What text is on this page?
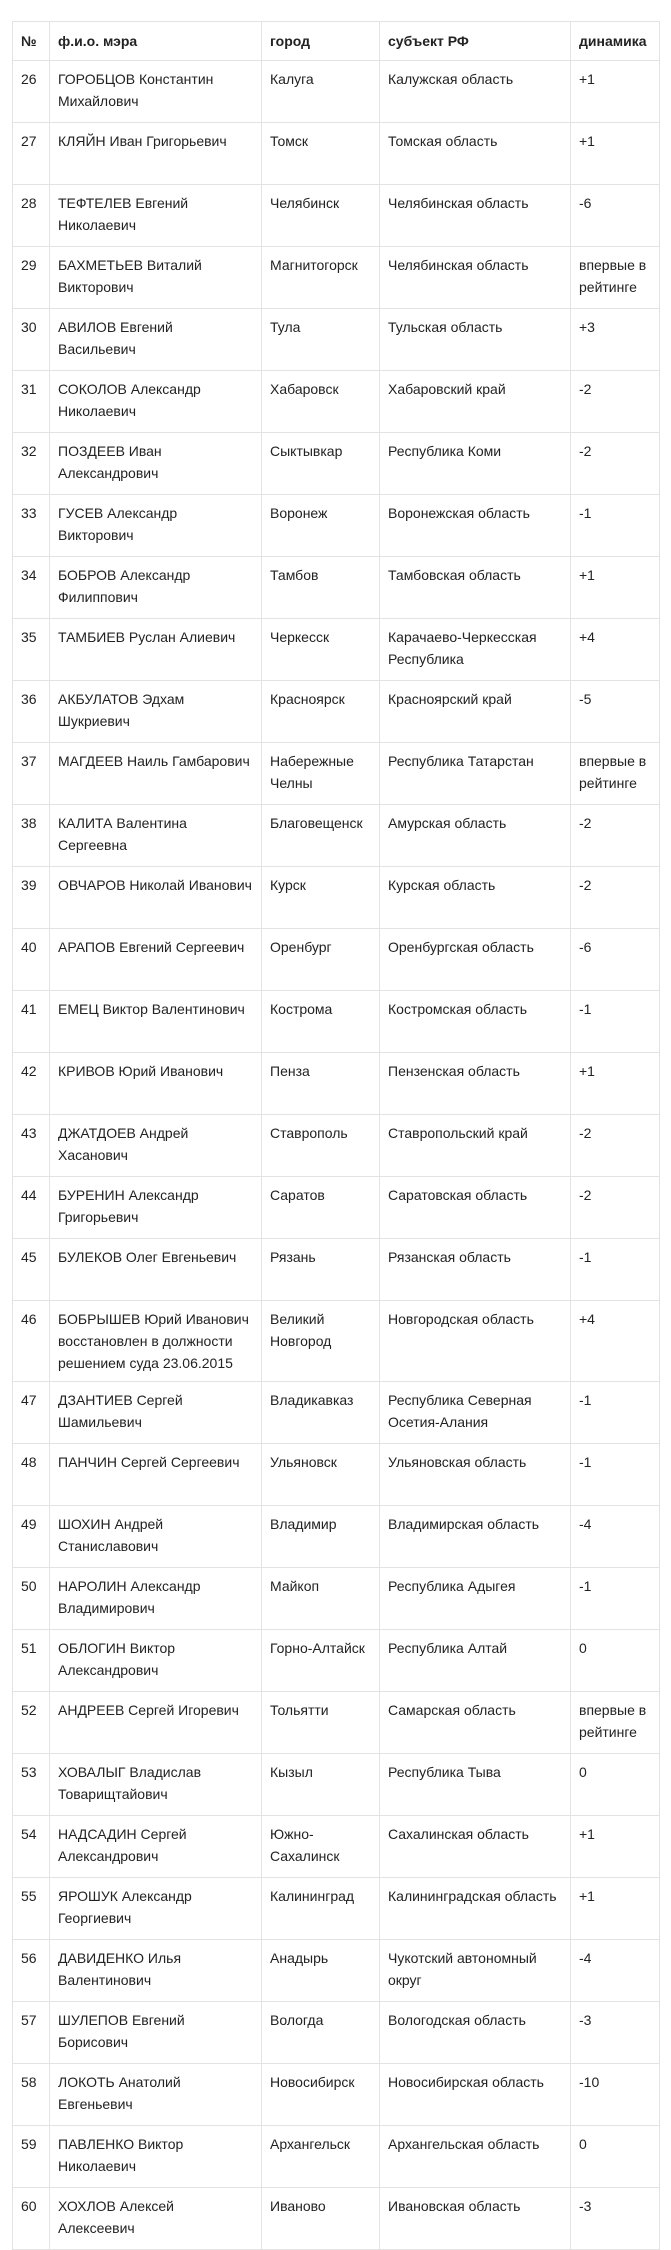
№	ф.и.о. мэра	город	субъект РФ	динамика
26	ГОРОБЦОВ Константин Михайлович	Калуга	Калужская область	+1
27	КЛЯЙН Иван Григорьевич	Томск	Томская область	+1
28	ТЕФТЕЛЕВ Евгений Николаевич	Челябинск	Челябинская область	-6
29	БАХМЕТЬЕВ Виталий Викторович	Магнитогорск	Челябинская область	впервые в рейтинге
30	АВИЛОВ Евгений Васильевич	Тула	Тульская область	+3
31	СОКОЛОВ Александр Николаевич	Хабаровск	Хабаровский край	-2
32	ПОЗДЕЕВ Иван Александрович	Сыктывкар	Республика Коми	-2
33	ГУСЕВ Александр Викторович	Воронеж	Воронежская область	-1
34	БОБРОВ Александр Филиппович	Тамбов	Тамбовская область	+1
35	ТАМБИЕВ Руслан Алиевич	Черкесск	Карачаево-Черкесская Республика	+4
36	АКБУЛАТОВ Эдхам Шукриевич	Красноярск	Красноярский край	-5
37	МАГДЕЕВ Наиль Гамбарович	Набережные Челны	Республика Татарстан	впервые в рейтинге
38	КАЛИТА Валентина Сергеевна	Благовещенск	Амурская область	-2
39	ОВЧАРОВ Николай Иванович	Курск	Курская область	-2
40	АРАПОВ Евгений Сергеевич	Оренбург	Оренбургская область	-6
41	ЕМЕЦ Виктор Валентинович	Кострома	Костромская область	-1
42	КРИВОВ Юрий Иванович	Пенза	Пензенская область	+1
43	ДЖАТДОЕВ Андрей Хасанович	Ставрополь	Ставропольский край	-2
44	БУРЕНИН Александр Григорьевич	Саратов	Саратовская область	-2
45	БУЛЕКОВ Олег Евгеньевич	Рязань	Рязанская область	-1
46	БОБРЫШЕВ Юрий Иванович восстановлен в должности решением суда 23.06.2015	Великий Новгород	Новгородская область	+4
47	ДЗАНТИЕВ Сергей Шамильевич	Владикавказ	Республика Северная Осетия-Алания	-1
48	ПАНЧИН Сергей Сергеевич	Ульяновск	Ульяновская область	-1
49	ШОХИН Андрей Станиславович	Владимир	Владимирская область	-4
50	НАРОЛИН Александр Владимирович	Майкоп	Республика Адыгея	-1
51	ОБЛОГИН Виктор Александрович	Горно-Алтайск	Республика Алтай	0
52	АНДРЕЕВ Сергей Игоревич	Тольятти	Самарская область	впервые в рейтинге
53	ХОВАЛЫГ Владислав Товарищтайович	Кызыл	Республика Тыва	0
54	НАДСАДИН Сергей Александрович	Южно-Сахалинск	Сахалинская область	+1
55	ЯРОШУК Александр Георгиевич	Калининград	Калининградская область	+1
56	ДАВИДЕНКО Илья Валентинович	Анадырь	Чукотский автономный округ	-4
57	ШУЛЕПОВ Евгений Борисович	Вологда	Вологодская область	-3
58	ЛОКОТЬ Анатолий Евгеньевич	Новосибирск	Новосибирская область	-10
59	ПАВЛЕНКО Виктор Николаевич	Архангельск	Архангельская область	0
60	ХОХЛОВ Алексей Алексеевич	Иваново	Ивановская область	-3
